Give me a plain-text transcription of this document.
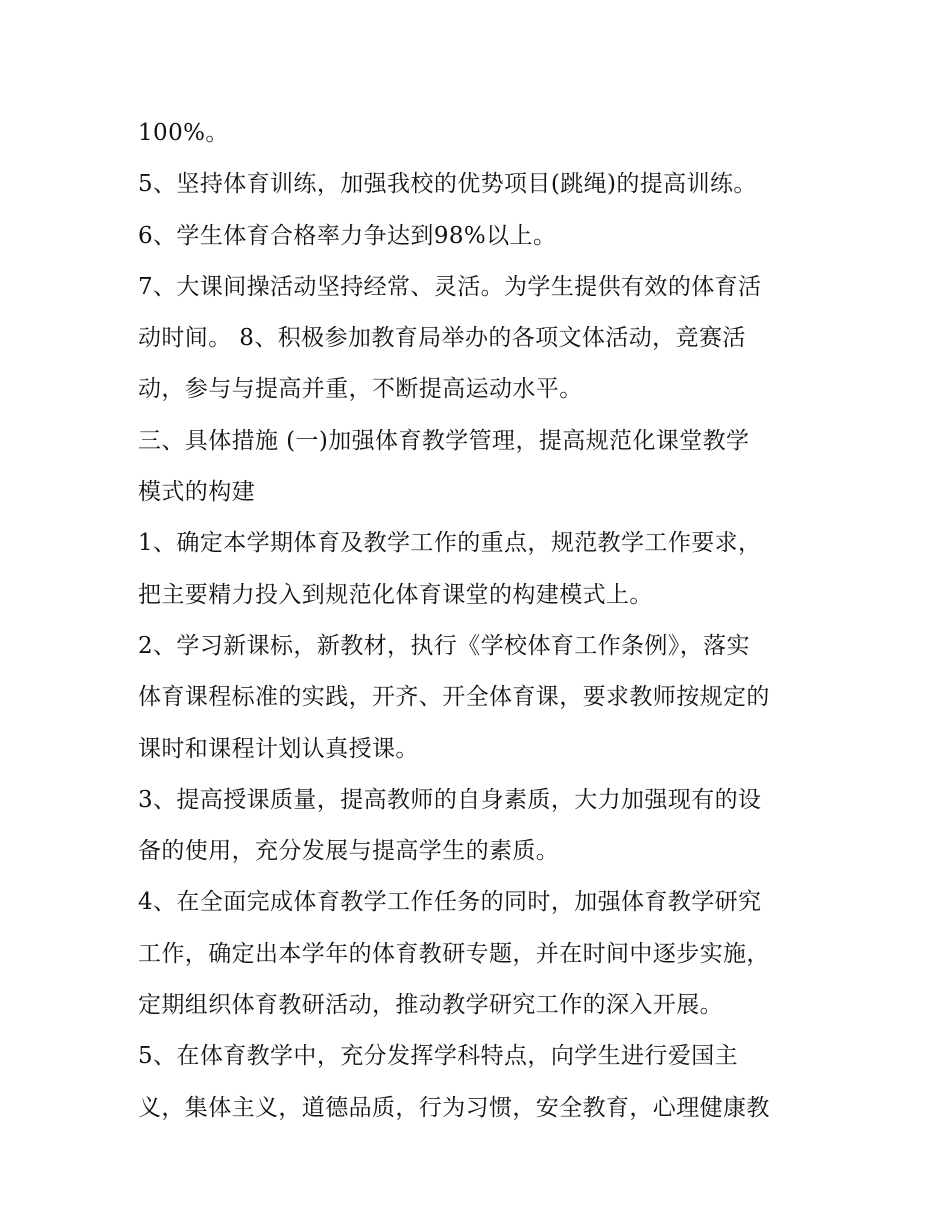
100%。
5、坚持体育训练，加强我校的优势项目(跳绳)的提高训练。
6、学生体育合格率力争达到98%以上。
7、大课间操活动坚持经常、灵活。为学生提供有效的体育活
动时间。 8、积极参加教育局举办的各项文体活动，竞赛活
动，参与与提高并重，不断提高运动水平。
三、具体措施 (一)加强体育教学管理，提高规范化课堂教学
模式的构建
1、确定本学期体育及教学工作的重点，规范教学工作要求，
把主要精力投入到规范化体育课堂的构建模式上。
2、学习新课标，新教材，执行《学校体育工作条例》，落实
体育课程标准的实践，开齐、开全体育课，要求教师按规定的
课时和课程计划认真授课。
3、提高授课质量，提高教师的自身素质，大力加强现有的设
备的使用，充分发展与提高学生的素质。
4、在全面完成体育教学工作任务的同时，加强体育教学研究
工作，确定出本学年的体育教研专题，并在时间中逐步实施，
定期组织体育教研活动，推动教学研究工作的深入开展。
5、在体育教学中，充分发挥学科特点，向学生进行爱国主
义，集体主义，道德品质，行为习惯，安全教育，心理健康教
